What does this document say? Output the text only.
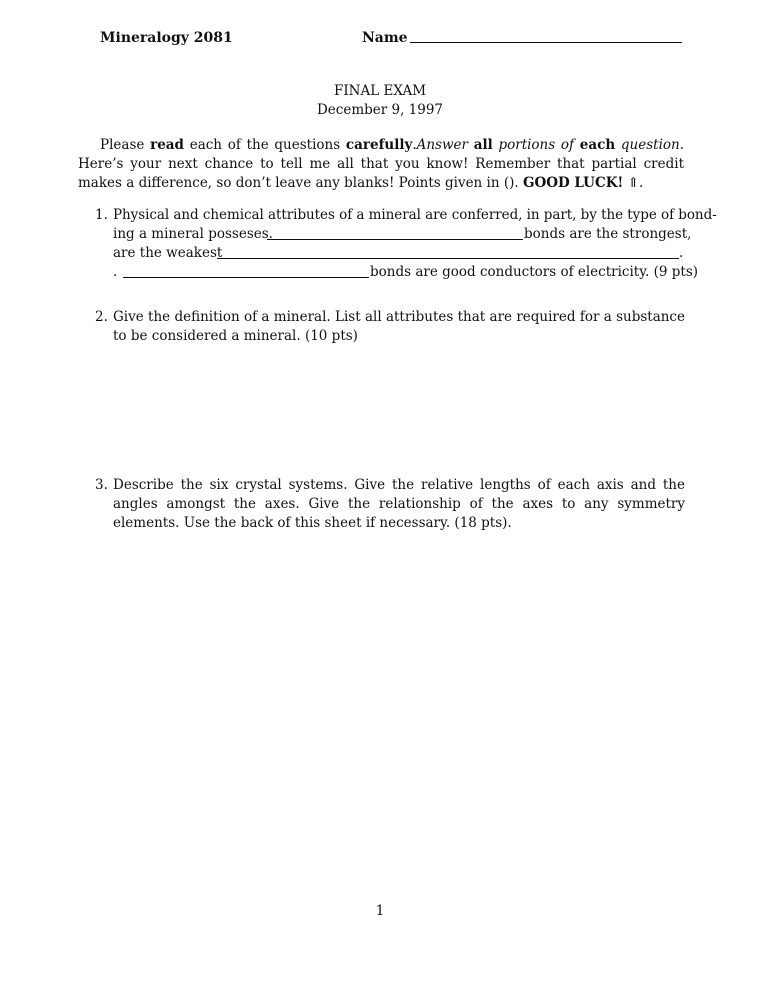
Mineralogy 2081	Name
FINAL EXAM
December 9, 1997
Please read each of the questions carefully.Answer all portions of each question. Here’s your next chance to tell me all that you know! Remember that partial credit makes a difference, so don’t leave any blanks! Points given in (). GOOD LUCK! ⇑.
1. Physical and chemical attributes of a mineral are conferred, in part, by the type of bond-
ing a mineral posseses.	bonds are the strongest,
are the weakest	.
.	bonds are good conductors of electricity. (9 pts)
2. Give the definition of a mineral. List all attributes that are required for a substance to be considered a mineral. (10 pts)
3. Describe the six crystal systems. Give the relative lengths of each axis and the angles amongst the axes. Give the relationship of the axes to any symmetry elements. Use the back of this sheet if necessary. (18 pts).
1
